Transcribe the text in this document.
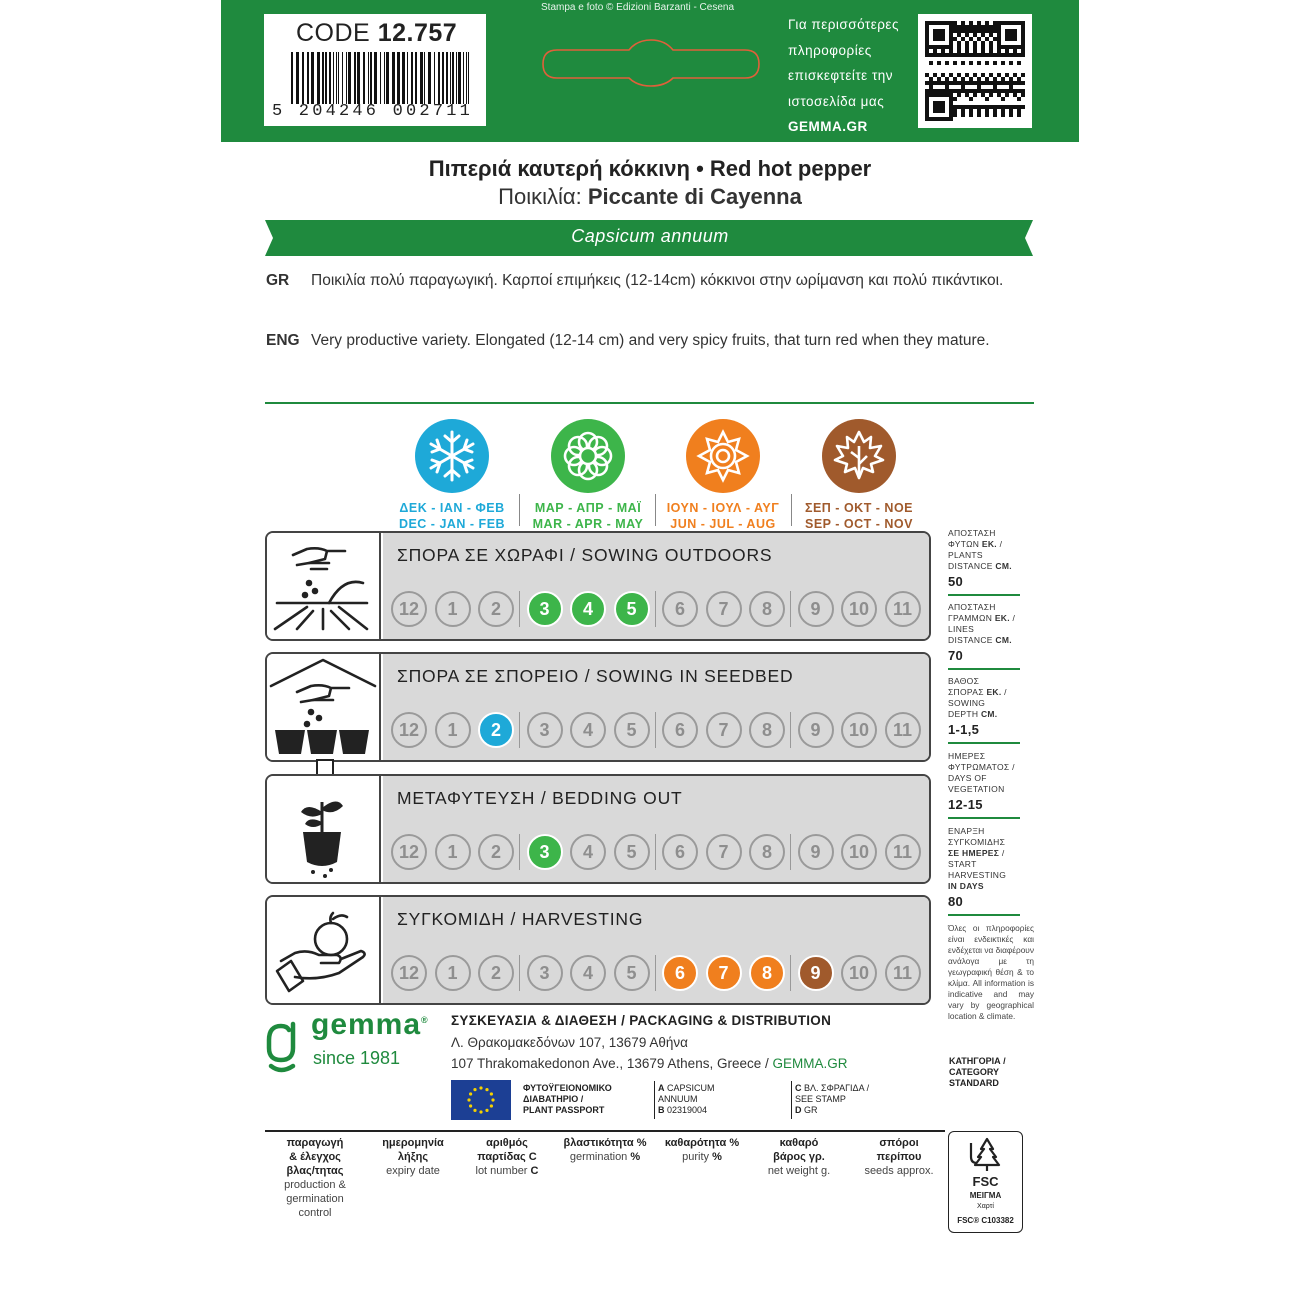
CODE 12.757
5 204246 002711 ΚΩΔ. 17.065
Stampa e foto © Edizioni Barzanti - Cesena
Για περισσότερες
πληροφορίες
επισκεφτείτε την
ιστοσελίδα μας
GEMMA.GR
Πιπεριά καυτερή κόκκινη • Red hot pepper
Ποικιλία: Piccante di Cayenna
Capsicum annuum
GR Ποικιλία πολύ παραγωγική. Καρποί επιμήκεις (12-14cm) κόκκινοι στην ωρίμανση και πολύ πικάντικοι.
ENG Very productive variety. Elongated (12-14 cm) and very spicy fruits, that turn red when they mature.
ΔΕΚ - ΙΑΝ - ΦΕΒ
DEC - JAN - FEB
ΜΑΡ - ΑΠΡ - ΜΑΪ
MAR - APR - MAY
ΙΟΥΝ - ΙΟΥΛ - ΑΥΓ
JUN - JUL - AUG
ΣΕΠ - ΟΚΤ - ΝΟΕ
SEP - OCT - NOV
ΣΠΟΡΑ ΣΕ ΧΩΡΑΦΙ / SOWING OUTDOORS
12	1	2	3	4	5	6	7	8	9	10	11
ΣΠΟΡΑ ΣΕ ΣΠΟΡΕΙΟ / SOWING IN SEEDBED
12	1	2	3	4	5	6	7	8	9	10	11
ΜΕΤΑΦΥΤΕΥΣΗ / BEDDING OUT
12	1	2	3	4	5	6	7	8	9	10	11
ΣΥΓΚΟΜΙΔΗ / HARVESTING
12	1	2	3	4	5	6	7	8	9	10	11
ΑΠΟΣΤΑΣΗ
ΦΥΤΩΝ ΕΚ. /
PLANTS
DISTANCE CM.
50
ΑΠΟΣΤΑΣΗ
ΓΡΑΜΜΩΝ ΕΚ. /
LINES
DISTANCE CM.
70
ΒΑΘΟΣ
ΣΠΟΡΑΣ ΕΚ. /
SOWING
DEPTH CM.
1-1,5
ΗΜΕΡΕΣ
ΦΥΤΡΩΜΑΤΟΣ /
DAYS OF
VEGETATION
12-15
ΕΝΑΡΞΗ
ΣΥΓΚΟΜΙΔΗΣ
ΣΕ ΗΜΕΡΕΣ /
START
HARVESTING
IN DAYS
80
Όλες οι πληροφορίες είναι ενδεικτικές και ενδέχεται να διαφέρουν ανάλογα με τη γεωγραφική θέση & το κλίμα. All information is indicative and may vary by geographical location & climate.
ΚΑΤΗΓΟΡΙΑ /
CATEGORY
STANDARD
gemma®
since 1981
ΣΥΣΚΕΥΑΣΙΑ & ΔΙΑΘΕΣΗ / PACKAGING & DISTRIBUTION
Λ. Θρακομακεδόνων 107, 13679 Αθήνα
107 Thrakomakedonon Ave., 13679 Athens, Greece / GEMMA.GR
ΦΥΤΟΫΓΕΙΟΝΟΜΙΚΟ
ΔΙΑΒΑΤΗΡΙΟ /
PLANT PASSPORT
A CAPSICUM
ANNUUM
B 02319004
C ΒΛ. ΣΦΡΑΓΙΔΑ /
SEE STAMP
D GR
παραγωγή
& έλεγχος
βλας/τητας
production &
germination
control
ημερομηνία
λήξης
expiry date
αριθμός
παρτίδας C
lot number C
βλαστικότητα %
germination %
καθαρότητα %
purity %
καθαρό
βάρος γρ.
net weight g.
σπόροι
περίπου
seeds approx.
FSC
ΜΕΙΓΜΑ
Χαρτί
FSC® C103382
